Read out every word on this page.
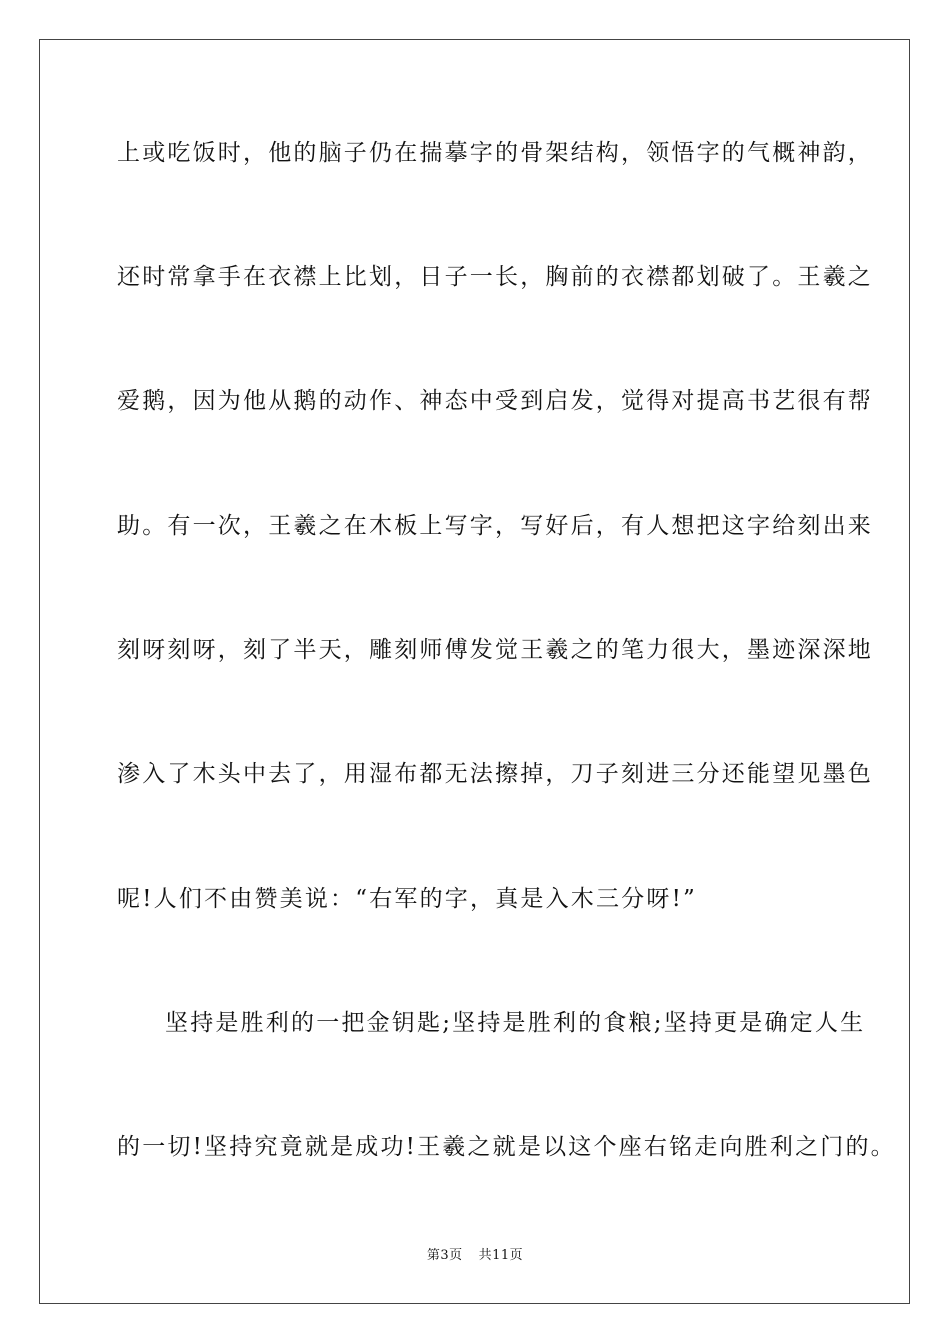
上或吃饭时，他的脑子仍在揣摹字的骨架结构，领悟字的气概神韵，
还时常拿手在衣襟上比划，日子一长，胸前的衣襟都划破了。王羲之
爱鹅，因为他从鹅的动作、神态中受到启发，觉得对提高书艺很有帮
助。有一次，王羲之在木板上写字，写好后，有人想把这字给刻出来
刻呀刻呀，刻了半天，雕刻师傅发觉王羲之的笔力很大，墨迹深深地
渗入了木头中去了，用湿布都无法擦掉，刀子刻进三分还能望见墨色
呢!人们不由赞美说：“右军的字，真是入木三分呀!”
坚持是胜利的一把金钥匙;坚持是胜利的食粮;坚持更是确定人生
的一切!坚持究竟就是成功!王羲之就是以这个座右铭走向胜利之门的。
第3页 共11页
